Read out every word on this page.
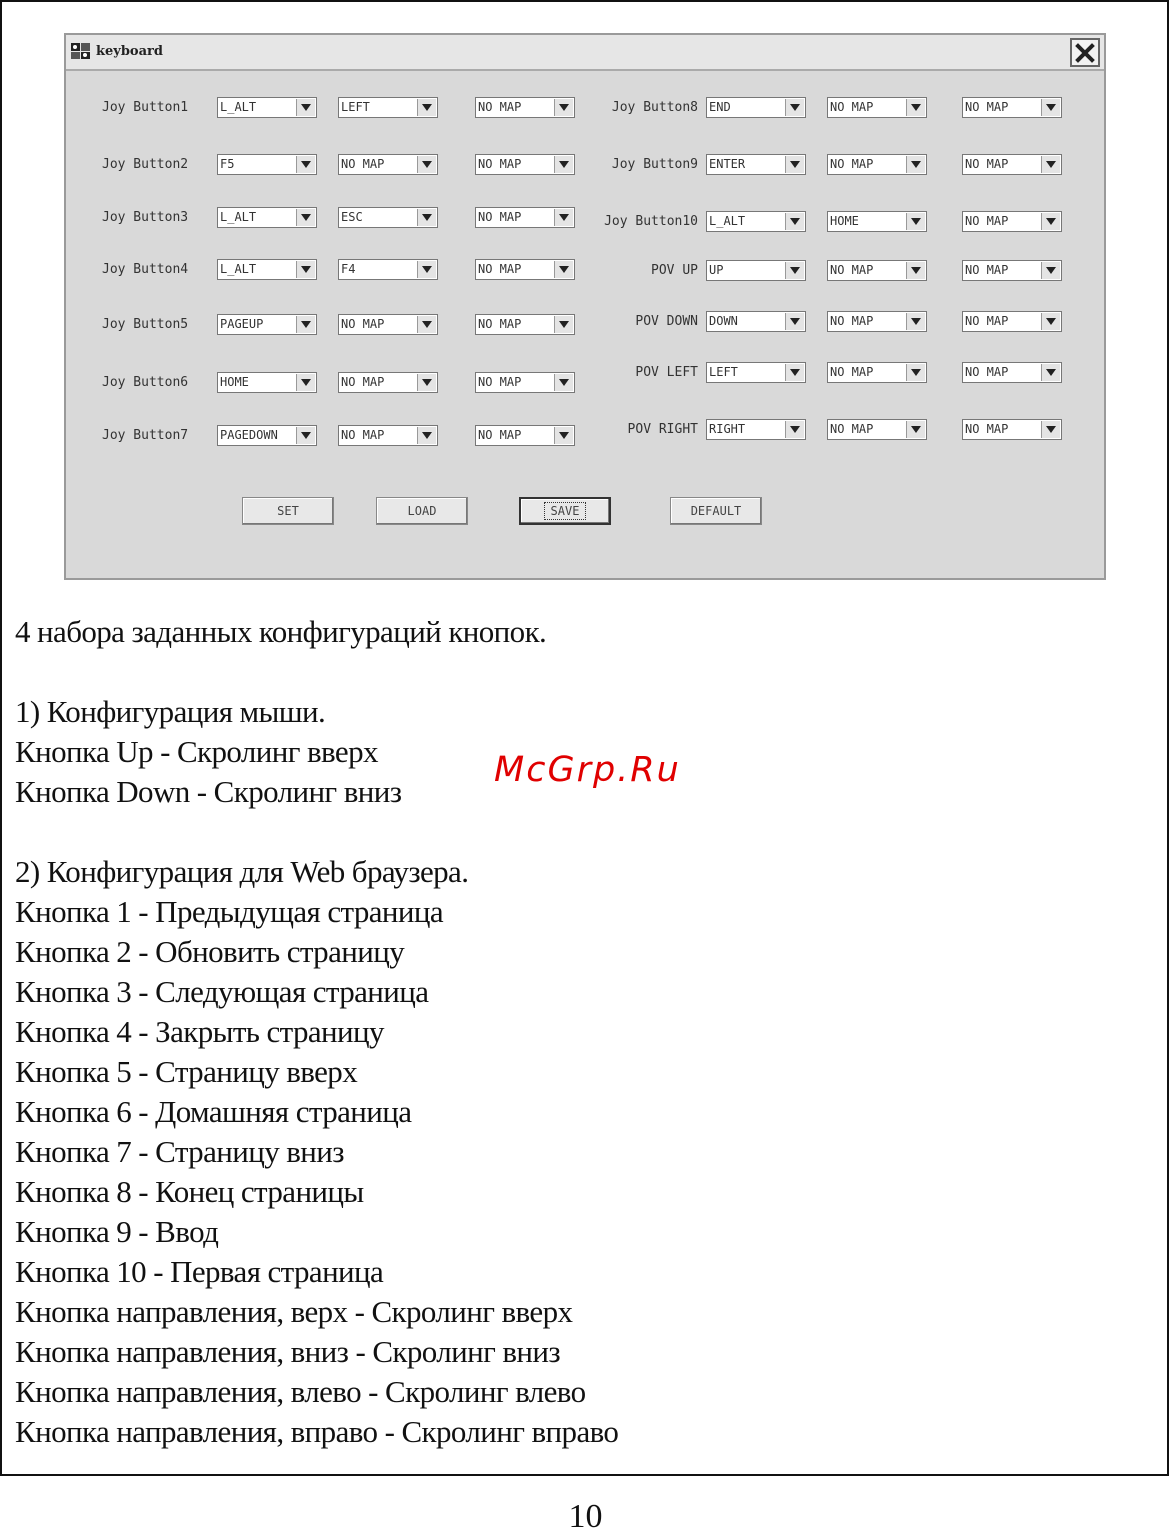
keyboard
Joy Button1	L_ALT	LEFT	NO MAP
Joy Button2	F5	NO MAP	NO MAP
Joy Button3	L_ALT	ESC	NO MAP
Joy Button4	L_ALT	F4	NO MAP
Joy Button5	PAGEUP	NO MAP	NO MAP
Joy Button6	HOME	NO MAP	NO MAP
Joy Button7	PAGEDOWN	NO MAP	NO MAP
Joy Button8 END	NO MAP	NO MAP
Joy Button9 ENTER	NO MAP	NO MAP
Joy Button10 L_ALT	HOME	NO MAP
POV UP UP	NO MAP	NO MAP
POV DOWN DOWN	NO MAP	NO MAP
POV LEFT LEFT	NO MAP	NO MAP
POV RIGHT RIGHT	NO MAP	NO MAP
SET	LOAD	SAVE	DEFAULT
4 набора заданных конфигураций кнопок.
1) Конфигурация мыши.
Кнопка Up - Скролинг вверх
Кнопка Down - Скролинг вниз
2) Конфигурация для Web браузера.
Кнопка 1 - Предыдущая страница
Кнопка 2 - Обновить страницу
Кнопка 3 - Следующая страница
Кнопка 4 - Закрыть страницу
Кнопка 5 - Страницу вверх
Кнопка 6 - Домашняя страница
Кнопка 7 - Страницу вниз
Кнопка 8 - Конец страницы
Кнопка 9 - Ввод
Кнопка 10 - Первая страница
Кнопка направления, верх - Скролинг вверх
Кнопка направления, вниз - Скролинг вниз
Кнопка направления, влево - Скролинг влево
Кнопка направления, вправо - Скролинг вправо
McGrp.Ru
10
